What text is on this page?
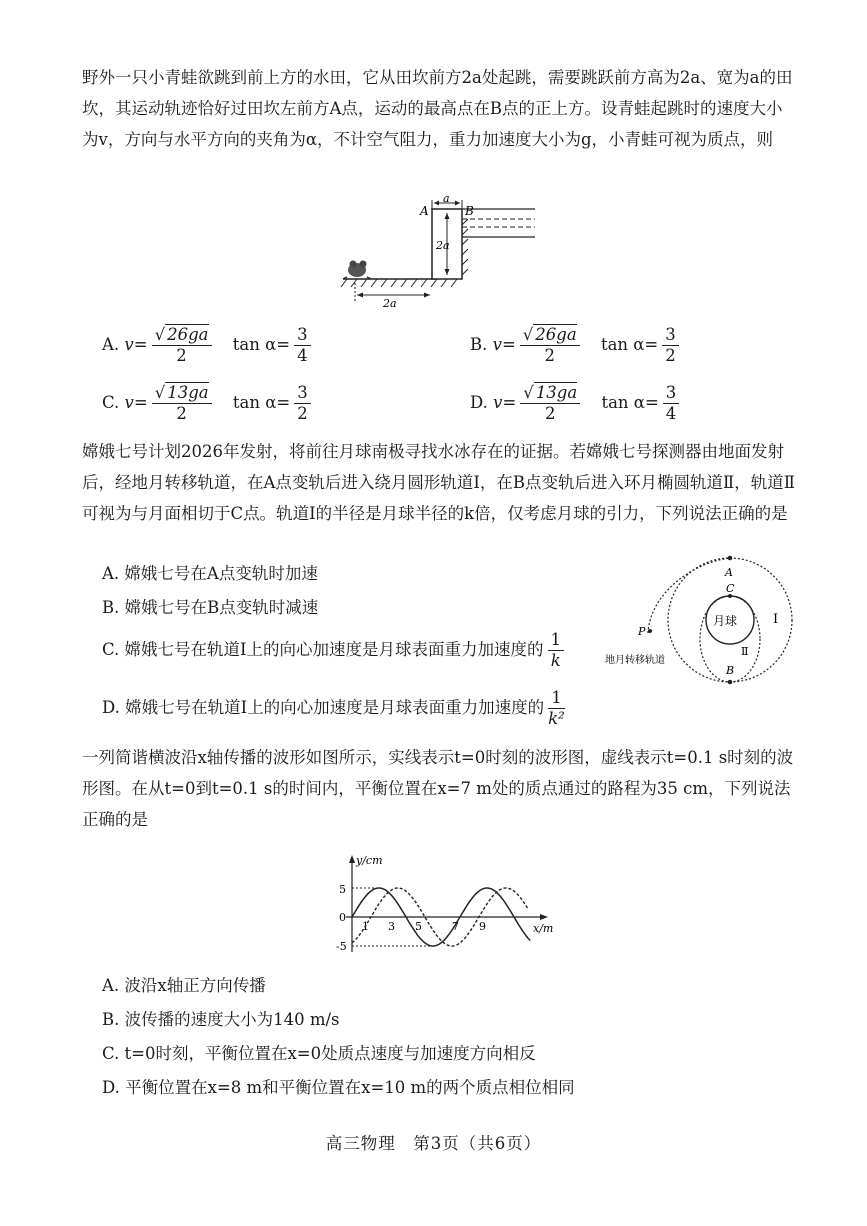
野外一只小青蛙欲跳到前上方的水田，它从田坎前方2a处起跳，需要跳跃前方高为2a、宽为a的田坎，其运动轨迹恰好过田坎左前方A点，运动的最高点在B点的正上方。设青蛙起跳时的速度大小为v，方向与水平方向的夹角为α，不计空气阻力，重力加速度大小为g，小青蛙可视为质点，则
a
2a
2a
A	B
A. $v= \frac{√ 26ga}{2}$ $\tan \alpha= \frac{3}{4}$	B. $v= \frac{√ 26ga}{2}$ $\tan \alpha= \frac{3}{2}$
C. $v= \frac{√ 13ga}{2}$ $\tan \alpha= \frac{3}{2}$	D. $v= \frac{√ 13ga}{2}$ $\tan \alpha= \frac{3}{4}$
嫦娥七号计划2026年发射，将前往月球南极寻找水冰存在的证据。若嫦娥七号探测器由地面发射后，经地月转移轨道，在A点变轨后进入绕月圆形轨道Ⅰ，在B点变轨后进入环月椭圆轨道Ⅱ，轨道Ⅱ可视为与月面相切于C点。轨道Ⅰ的半径是月球半径的k倍，仅考虑月球的引力，下列说法正确的是
A. 嫦娥七号在A点变轨时加速
B. 嫦娥七号在B点变轨时减速
C. 嫦娥七号在轨道Ⅰ上的向心加速度是月球表面重力加速度的 $\frac{1}{k}$
D. 嫦娥七号在轨道Ⅰ上的向心加速度是月球表面重力加速度的 $\frac{1}{\text{k²}}$
A
C
B
P
月球	Ⅰ
Ⅱ
地月转移轨道
一列简谐横波沿x轴传播的波形如图所示，实线表示t=0时刻的波形图，虚线表示t=0.1 s时刻的波形图。在从t=0到t=0.1 s的时间内，平衡位置在x=7 m处的质点通过的路程为35 cm，下列说法正确的是
y/cm
x/m
5
0
-5
1 3 5	7 9
A. 波沿x轴正方向传播
B. 波传播的速度大小为140 m/s
C. t=0时刻，平衡位置在x=0处质点速度与加速度方向相反
D. 平衡位置在x=8 m和平衡位置在x=10 m的两个质点相位相同
高三物理　第3页（共6页）
